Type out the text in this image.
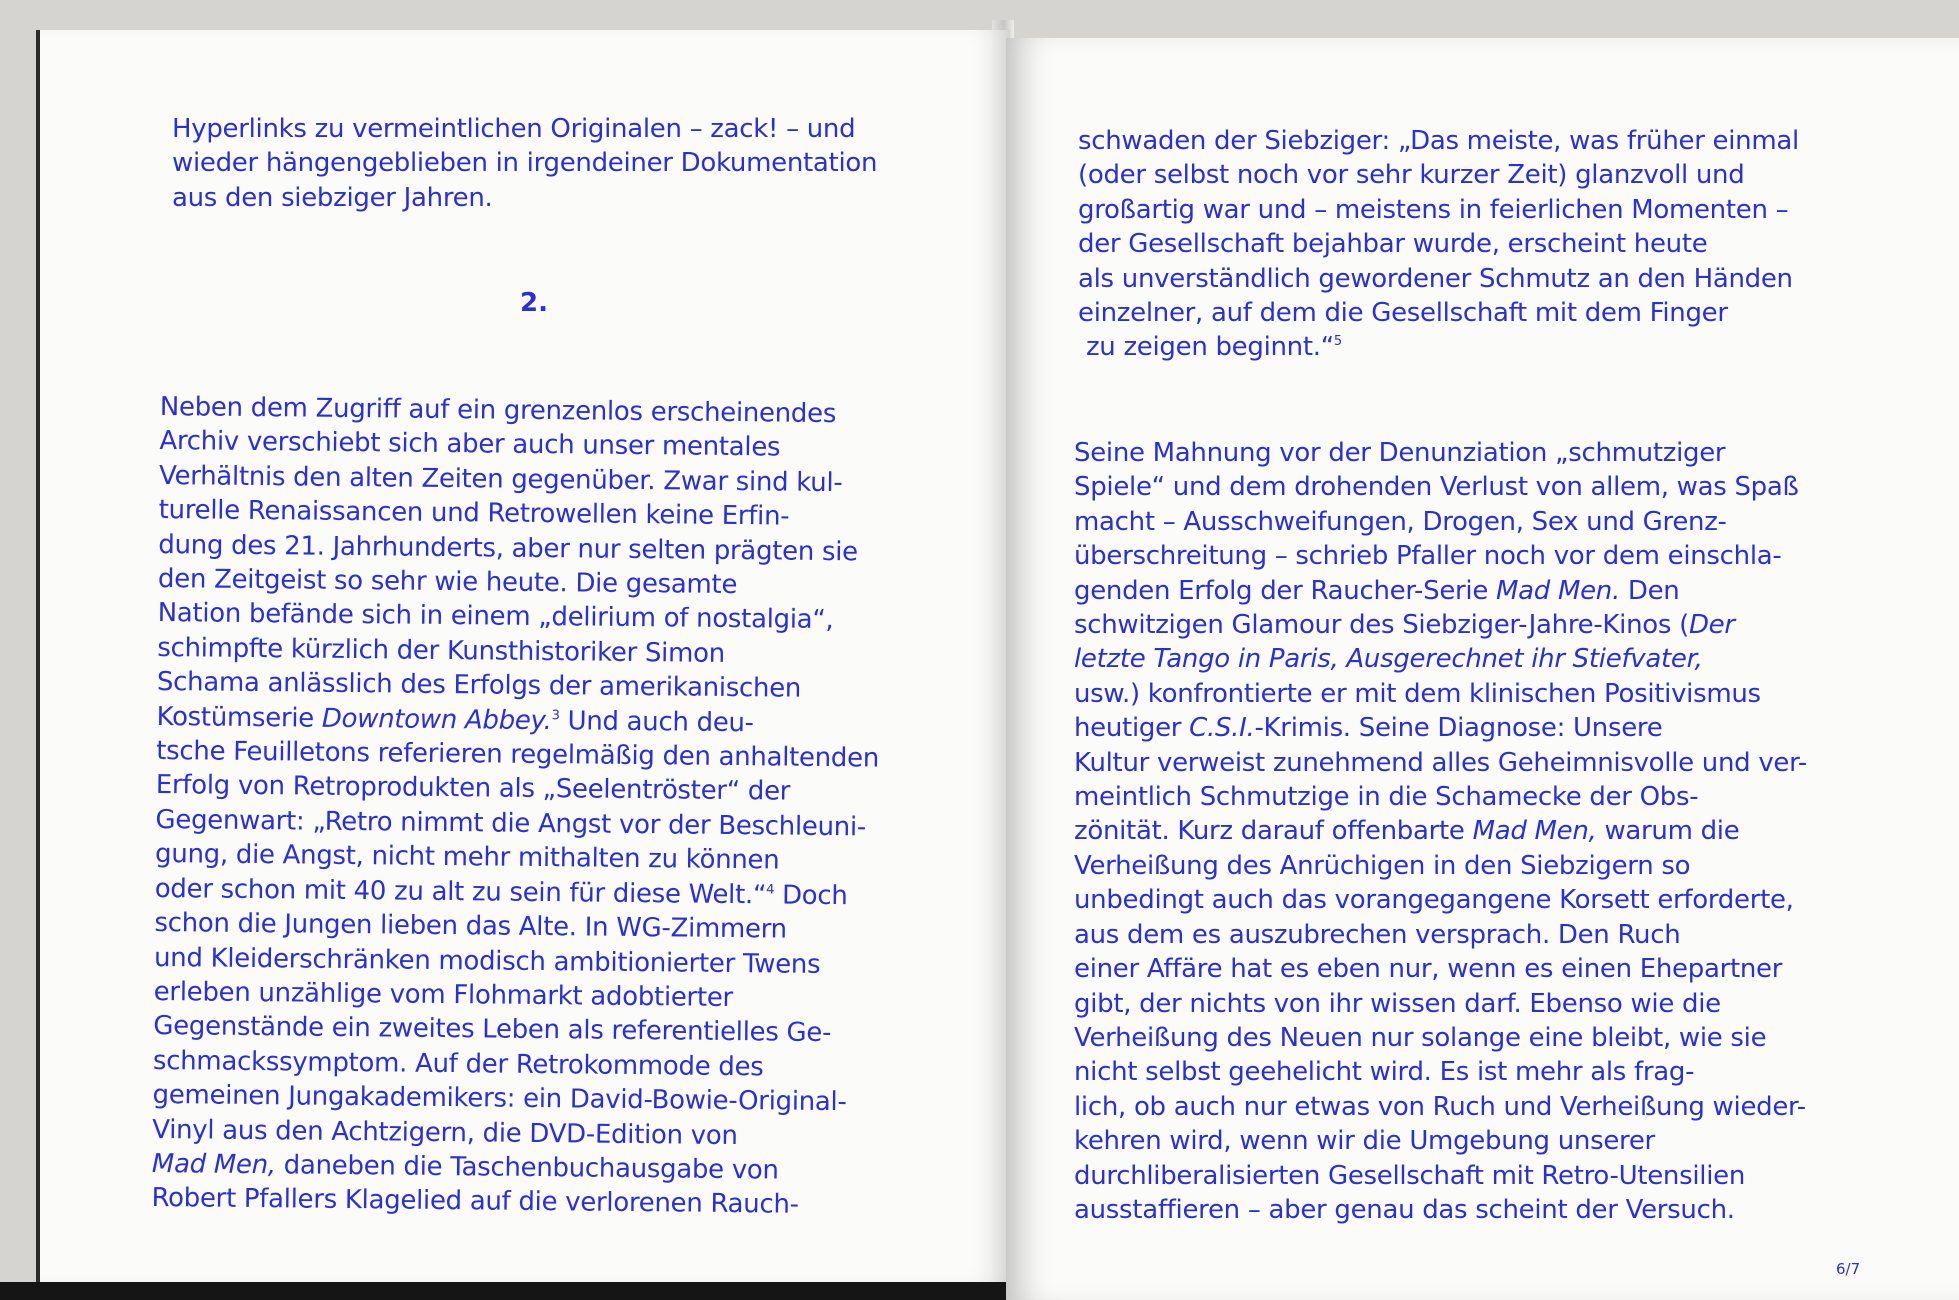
Hyperlinks zu vermeintlichen Originalen – zack! – und
wieder hängengeblieben in irgendeiner Dokumentation
aus den siebziger Jahren.
2.
Neben dem Zugriff auf ein grenzenlos erscheinendes
Archiv verschiebt sich aber auch unser mentales
Verhältnis den alten Zeiten gegenüber. Zwar sind kul-
turelle Renaissancen und Retrowellen keine Erfin-
dung des 21. Jahrhunderts, aber nur selten prägten sie
den Zeitgeist so sehr wie heute. Die gesamte
Nation befände sich in einem „delirium of nostalgia“,
schimpfte kürzlich der Kunsthistoriker Simon
Schama anlässlich des Erfolgs der amerikanischen
Kostümserie Downtown Abbey.$^3$ Und auch deu-
tsche Feuilletons referieren regelmäßig den anhaltenden
Erfolg von Retroprodukten als „Seelentröster“ der
Gegenwart: „Retro nimmt die Angst vor der Beschleuni-
gung, die Angst, nicht mehr mithalten zu können
oder schon mit 40 zu alt zu sein für diese Welt.“$^4$ Doch
schon die Jungen lieben das Alte. In WG-Zimmern
und Kleiderschränken modisch ambitionierter Twens
erleben unzählige vom Flohmarkt adobtierter
Gegenstände ein zweites Leben als referentielles Ge-
schmackssymptom. Auf der Retrokommode des
gemeinen Jungakademikers: ein David-Bowie-Original-
Vinyl aus den Achtzigern, die DVD-Edition von
Mad Men, daneben die Taschenbuchausgabe von
Robert Pfallers Klagelied auf die verlorenen Rauch-
schwaden der Siebziger: „Das meiste, was früher einmal
(oder selbst noch vor sehr kurzer Zeit) glanzvoll und
großartig war und – meistens in feierlichen Momenten –
der Gesellschaft bejahbar wurde, erscheint heute
als unverständlich gewordener Schmutz an den Händen
einzelner, auf dem die Gesellschaft mit dem Finger
zu zeigen beginnt.“$^5$
Seine Mahnung vor der Denunziation „schmutziger
Spiele“ und dem drohenden Verlust von allem, was Spaß
macht – Ausschweifungen, Drogen, Sex und Grenz-
überschreitung – schrieb Pfaller noch vor dem einschla-
genden Erfolg der Raucher-Serie Mad Men. Den
schwitzigen Glamour des Siebziger-Jahre-Kinos (Der
letzte Tango in Paris, Ausgerechnet ihr Stiefvater,
usw.) konfrontierte er mit dem klinischen Positivismus
heutiger C.S.I.-Krimis. Seine Diagnose: Unsere
Kultur verweist zunehmend alles Geheimnisvolle und ver-
meintlich Schmutzige in die Schamecke der Obs-
zönität. Kurz darauf offenbarte Mad Men, warum die
Verheißung des Anrüchigen in den Siebzigern so
unbedingt auch das vorangegangene Korsett erforderte,
aus dem es auszubrechen versprach. Den Ruch
einer Affäre hat es eben nur, wenn es einen Ehepartner
gibt, der nichts von ihr wissen darf. Ebenso wie die
Verheißung des Neuen nur solange eine bleibt, wie sie
nicht selbst geehelicht wird. Es ist mehr als frag-
lich, ob auch nur etwas von Ruch und Verheißung wieder-
kehren wird, wenn wir die Umgebung unserer
durchliberalisierten Gesellschaft mit Retro-Utensilien
ausstaffieren – aber genau das scheint der Versuch.
6/7
